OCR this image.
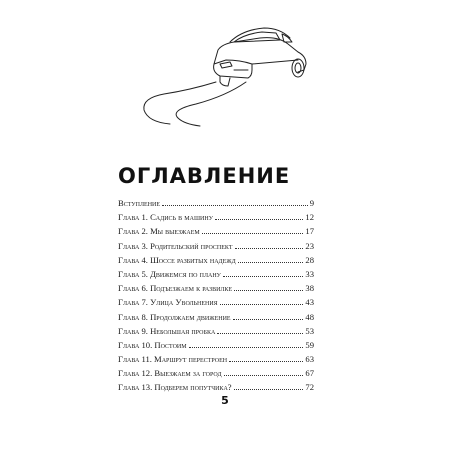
ОГЛАВЛЕНИЕ
Вступление	9
Глава 1. Садись в машину	12
Глава 2. Мы выезжаем	17
Глава 3. Родительский проспект	23
Глава 4. Шоссе разбитых надежд	28
Глава 5. Движемся по плану	33
Глава 6. Подъезжаем к развилке	38
Глава 7. Улица Увольнения	43
Глава 8. Продолжаем движение	48
Глава 9. Небольшая пробка	53
Глава 10. Постоим	59
Глава 11. Маршрут перестроен	63
Глава 12. Выезжаем за город	67
Глава 13. Подберем попутчика?	72
5
